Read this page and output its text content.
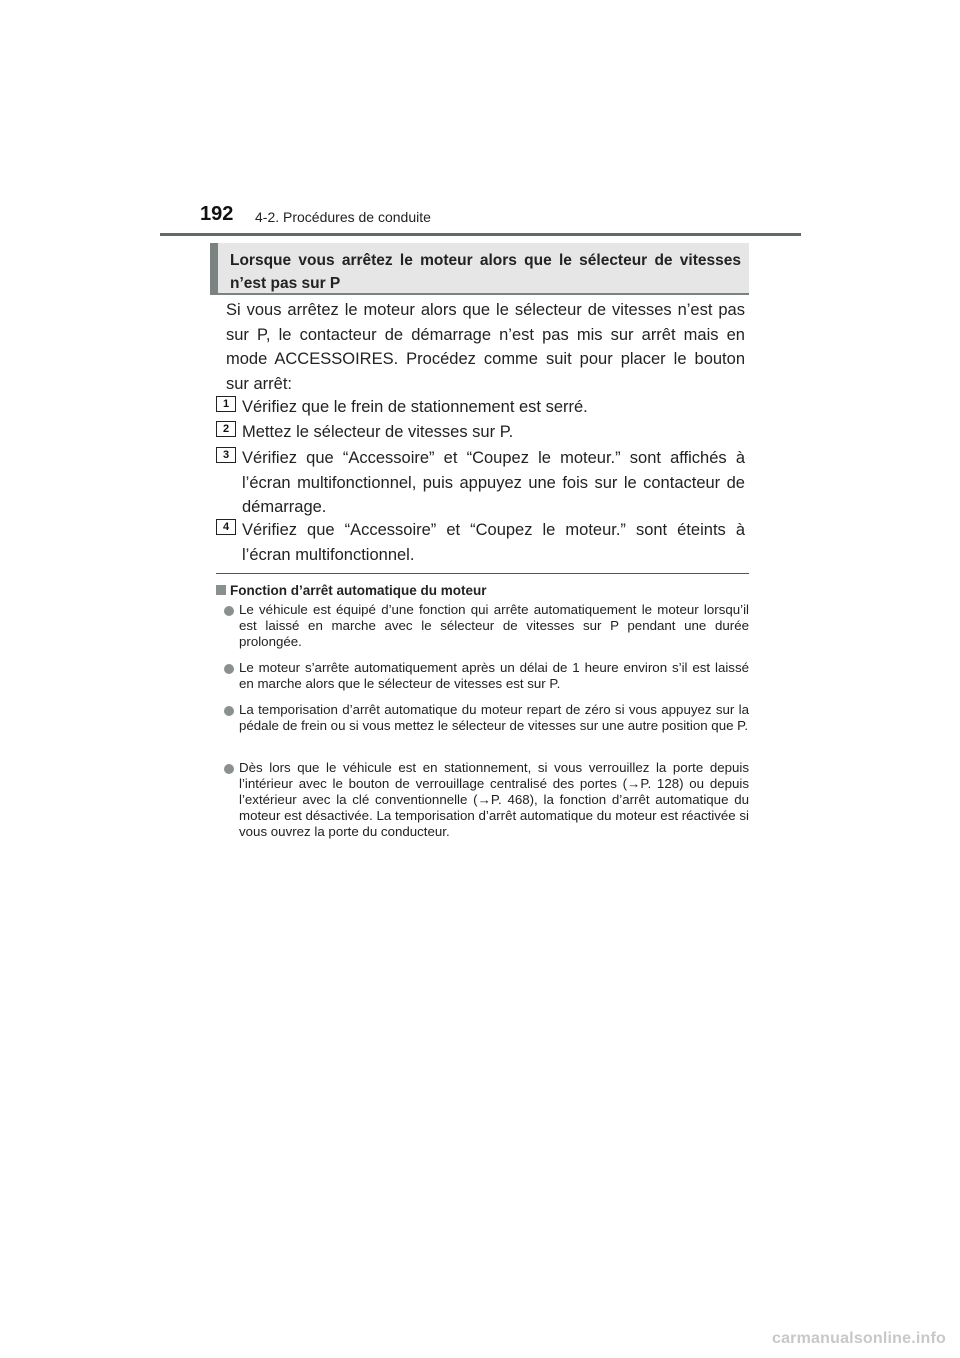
192 4-2. Procédures de conduite
Lorsque vous arrêtez le moteur alors que le sélecteur de vitesses n’est pas sur P
Si vous arrêtez le moteur alors que le sélecteur de vitesses n’est pas sur P, le contacteur de démarrage n’est pas mis sur arrêt mais en mode ACCESSOIRES. Procédez comme suit pour placer le bouton sur arrêt:
1 Vérifiez que le frein de stationnement est serré.
2 Mettez le sélecteur de vitesses sur P.
3 Vérifiez que “Accessoire” et “Coupez le moteur.” sont affichés à l’écran multifonctionnel, puis appuyez une fois sur le contacteur de démarrage.
4 Vérifiez que “Accessoire” et “Coupez le moteur.” sont éteints à l’écran multifonctionnel.
Fonction d’arrêt automatique du moteur
Le véhicule est équipé d’une fonction qui arrête automatiquement le moteur lorsqu’il est laissé en marche avec le sélecteur de vitesses sur P pendant une durée prolongée.
Le moteur s’arrête automatiquement après un délai de 1 heure environ s’il est laissé en marche alors que le sélecteur de vitesses est sur P.
La temporisation d’arrêt automatique du moteur repart de zéro si vous appuyez sur la pédale de frein ou si vous mettez le sélecteur de vitesses sur une autre position que P.
Dès lors que le véhicule est en stationnement, si vous verrouillez la porte depuis l’intérieur avec le bouton de verrouillage centralisé des portes (→P. 128) ou depuis l’extérieur avec la clé conventionnelle (→P. 468), la fonction d’arrêt automatique du moteur est désactivée. La temporisation d’arrêt automatique du moteur est réactivée si vous ouvrez la porte du conducteur.
carmanualsonline.info
